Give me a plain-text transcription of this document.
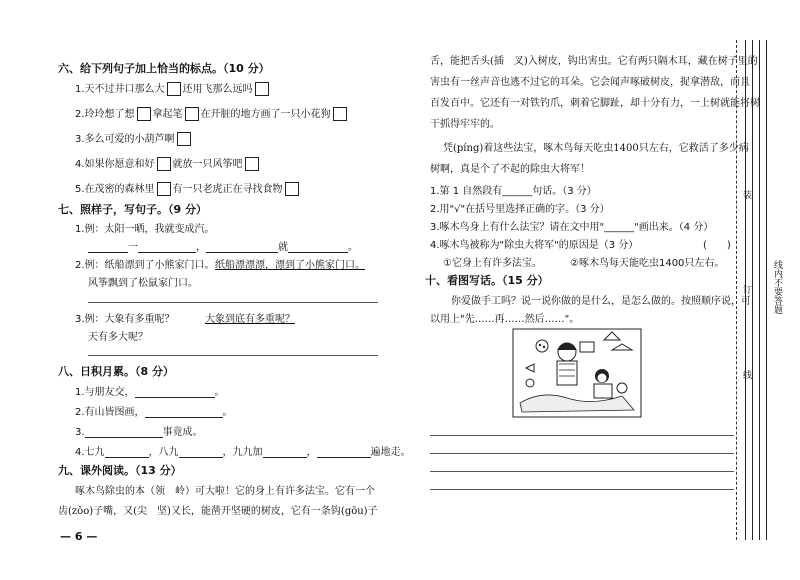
六、给下列句子加上恰当的标点。（10 分）
1.天不过井口那么大 还用飞那么远吗
2.玲玲想了想 拿起笔 在开脏的地方画了一只小花狗
3.多么可爱的小葫芦啊
4.如果你愿意和好 就放一只风筝吧
5.在茂密的森林里 有一只老虎正在寻找食物
七、照样子，写句子。（9 分）
1.例：太阳一晒，我就变成汽。
一	，	就	。
2.例：纸船漂到了小熊家门口。 纸船漂漂漂，漂到了小熊家门口。
风筝飘到了松鼠家门口。
3.例：大象有多重呢？	大象到底有多重呢？
天有多大呢？
八、日积月累。（8 分）
1.与朋友交，	。
2.有山皆图画，	。
3.	事竟成。
4.七九	，八九	，九九加	，	遍地走。
九、课外阅读。（13 分）
啄木鸟除虫的本（领　岭）可大啦！它的身上有许多法宝。它有一个
齿(zǒo)子嘴，又(尖　坚)又长，能凿开坚硬的树皮，它有一条钩(gōu)子
— 6 —
舌，能把舌头(插　叉)入树皮，钩出害虫。它有两只隔木耳，藏在树子里的
害虫有一丝声音也逃不过它的耳朵。它会闻声啄破树皮，捉拿潜敌，而且
百发百中。它还有一对铁钓爪，刺着它脚趾，却十分有力，一上树就能将树
干抓得牢牢的。
凭(píng)着这些法宝，啄木鸟每天吃虫1400只左右，它救活了多少病
树啊，真是个了不起的除虫大将军！
1.第 1 自然段有______句话。（3 分）
2.用"√"在括号里选择正确的字。（3 分）
3.啄木鸟身上有什么法宝？请在文中用"______"画出来。（4 分）
4.啄木鸟被称为"除虫大将军"的原因是（3 分）	(　　)
①它身上有许多法宝。	②啄木鸟每天能吃虫1400只左右。
十、看图写话。（15 分）
你爱做手工吗？说一说你做的是什么，是怎么做的。按照顺序说，可
以用上"先……再……然后……"。
装
订
线
线内不要答题
